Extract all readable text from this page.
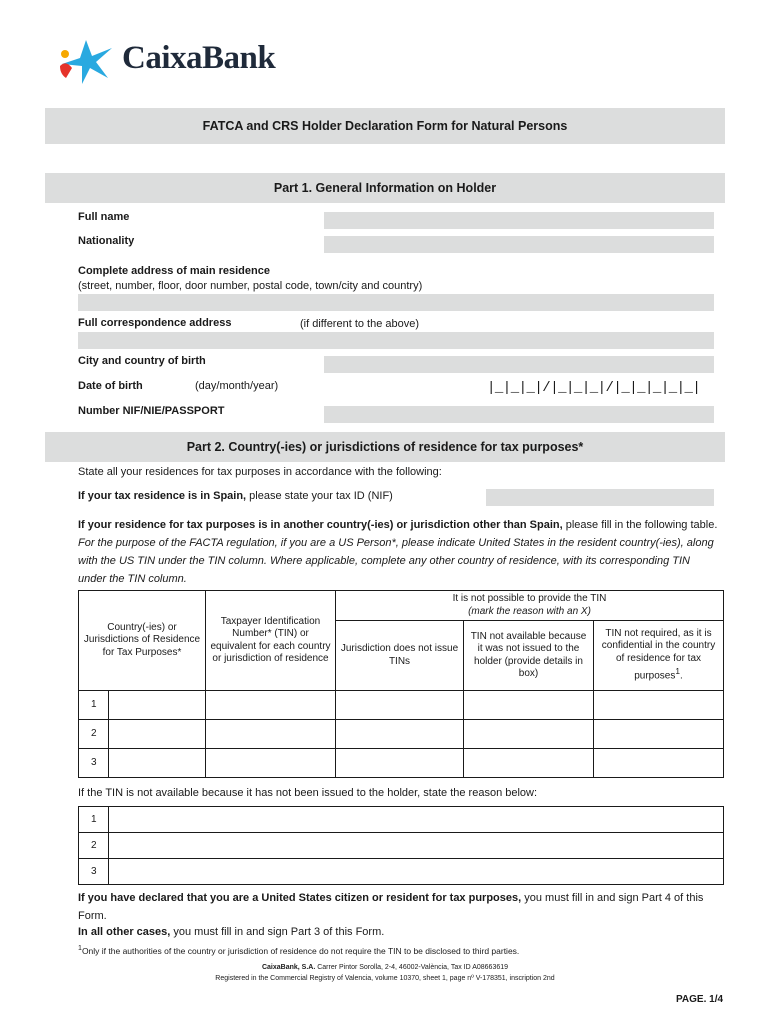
CaixaBank
FATCA and CRS Holder Declaration Form for Natural Persons
Part 1. General Information on Holder
Full name
Nationality
Complete address of main residence
(street, number, floor, door number, postal code, town/city and country)
Full correspondence address	(if different to the above)
City and country of birth
Date of birth	(day/month/year)	|_|_|_|/|_|_|_|/|_|_|_|_|_|
Number NIF/NIE/PASSPORT
Part 2. Country(-ies) or jurisdictions of residence for tax purposes*
State all your residences for tax purposes in accordance with the following:
If your tax residence is in Spain, please state your tax ID (NIF)
If your residence for tax purposes is in another country(-ies) or jurisdiction other than Spain, please fill in the following table. For the purpose of the FACTA regulation, if you are a US Person*, please indicate United States in the resident country(-ies), along with the US TIN under the TIN column. Where applicable, complete any other country of residence, with its corresponding TIN under the TIN column.
Country(-ies) or Jurisdictions of Residence for Tax Purposes*		Taxpayer Identification Number* (TIN) or equivalent for each country or jurisdiction of residence	It is not possible to provide the TIN
(mark the reason with an X)		

			Jurisdiction does not issue TINs	TIN not available because it was not issued to the holder (provide details in box)	TIN not required, as it is confidential in the country of residence for tax purposes$^1$.
1					
2					
3					
If the TIN is not available because it has not been issued to the holder, state the reason below:
1	
2	
3	
If you have declared that you are a United States citizen or resident for tax purposes, you must fill in and sign Part 4 of this Form.
In all other cases, you must fill in and sign Part 3 of this Form.
$^1$Only if the authorities of the country or jurisdiction of residence do not require the TIN to be disclosed to third parties.
CaixaBank, S.A. Carrer Pintor Sorolla, 2-4, 46002-València, Tax ID A08663619
Registered in the Commercial Registry of Valencia, volume 10370, sheet 1, page nº V-178351, inscription 2nd
PAGE. 1/4
